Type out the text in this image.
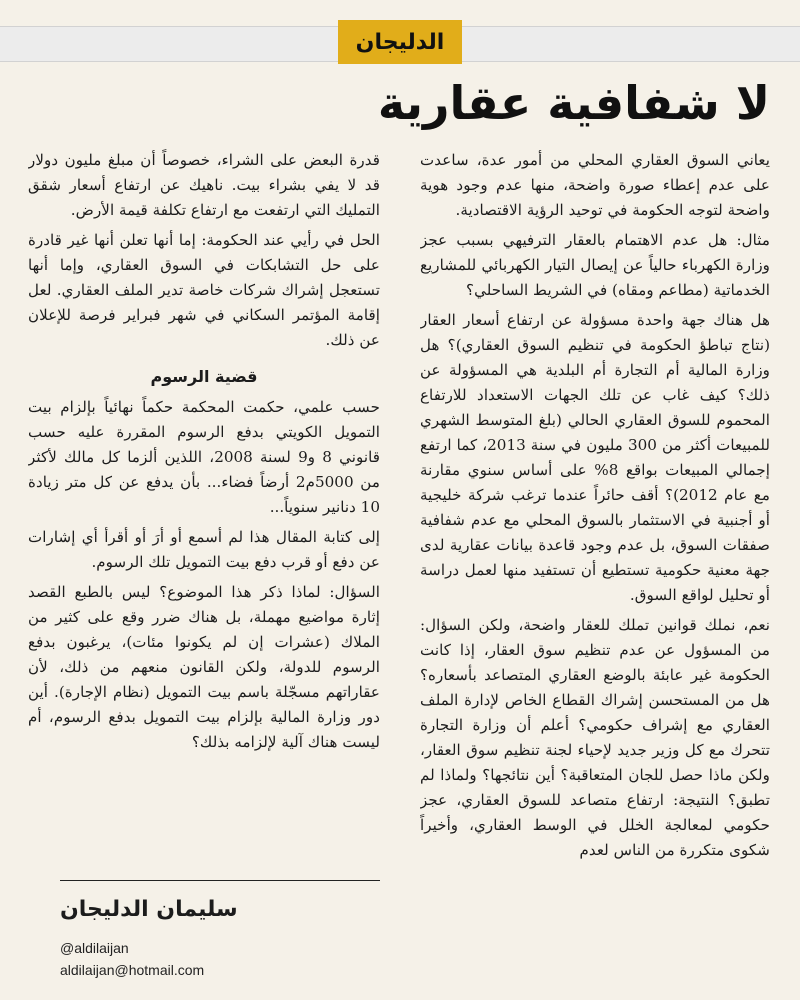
الدليجان
لا شفافية عقارية

يعاني السوق العقاري المحلي من أمور عدة، ساعدت على عدم إعطاء صورة واضحة، منها عدم وجود هوية واضحة لتوجه الحكومة في توحيد الرؤية الاقتصادية.

مثال: هل عدم الاهتمام بالعقار الترفيهي بسبب عجز وزارة الكهرباء حالياً عن إيصال التيار الكهربائي للمشاريع الخدماتية (مطاعم ومقاه) في الشريط الساحلي؟

هل هناك جهة واحدة مسؤولة عن ارتفاع أسعار العقار (نتاج تباطؤ الحكومة في تنظيم السوق العقاري)؟ هل وزارة المالية أم التجارة أم البلدية هي المسؤولة عن ذلك؟ كيف غاب عن تلك الجهات الاستعداد للارتفاع المحموم للسوق العقاري الحالي (بلغ المتوسط الشهري للمبيعات أكثر من 300 مليون في سنة 2013، كما ارتفع إجمالي المبيعات بواقع 8% على أساس سنوي مقارنة مع عام 2012)؟ أقف حائراً عندما ترغب شركة خليجية أو أجنبية في الاستثمار بالسوق المحلي مع عدم شفافية صفقات السوق، بل عدم وجود قاعدة بيانات عقارية لدى جهة معنية حكومية تستطيع أن تستفيد منها لعمل دراسة أو تحليل لواقع السوق.

نعم، نملك قوانين تملك للعقار واضحة، ولكن السؤال: من المسؤول عن عدم تنظيم سوق العقار، إذا كانت الحكومة غير عابئة بالوضع العقاري المتصاعد بأسعاره؟ هل من المستحسن إشراك القطاع الخاص لإدارة الملف العقاري مع إشراف حكومي؟ أعلم أن وزارة التجارة تتحرك مع كل وزير جديد لإحياء لجنة تنظيم سوق العقار، ولكن ماذا حصل للجان المتعاقبة؟ أين نتائجها؟ ولماذا لم تطبق؟ النتيجة: ارتفاع متصاعد للسوق العقاري، عجز حكومي لمعالجة الخلل في الوسط العقاري، وأخيراً شكوى متكررة من الناس لعدم

قدرة البعض على الشراء، خصوصاً أن مبلغ مليون دولار قد لا يفي بشراء بيت. ناهيك عن ارتفاع أسعار شقق التمليك التي ارتفعت مع ارتفاع تكلفة قيمة الأرض.

الحل في رأيي عند الحكومة: إما أنها تعلن أنها غير قادرة على حل التشابكات في السوق العقاري، وإما أنها تستعجل إشراك شركات خاصة تدير الملف العقاري. لعل إقامة المؤتمر السكاني في شهر فبراير فرصة للإعلان عن ذلك.

قضية الرسوم

حسب علمي، حكمت المحكمة حكماً نهائياً بإلزام بيت التمويل الكويتي بدفع الرسوم المقررة عليه حسب قانوني 8 و9 لسنة 2008، اللذين ألزما كل مالك لأكثر من 5000م2 أرضاً فضاء... بأن يدفع عن كل متر زيادة 10 دنانير سنوياً...

إلى كتابة المقال هذا لم أسمع أو أرَ أو أقرأ أي إشارات عن دفع أو قرب دفع بيت التمويل تلك الرسوم.

السؤال: لماذا ذكر هذا الموضوع؟ ليس بالطبع القصد إثارة مواضيع مهملة، بل هناك ضرر وقع على كثير من الملاك (عشرات إن لم يكونوا مئات)، يرغبون بدفع الرسوم للدولة، ولكن القانون منعهم من ذلك، لأن عقاراتهم مسجّلة باسم بيت التمويل (نظام الإجارة). أين دور وزارة المالية بإلزام بيت التمويل بدفع الرسوم، أم ليست هناك آلية لإلزامه بذلك؟

سليمان الدليجان
@aldilaijan
aldilaijan@hotmail.com
